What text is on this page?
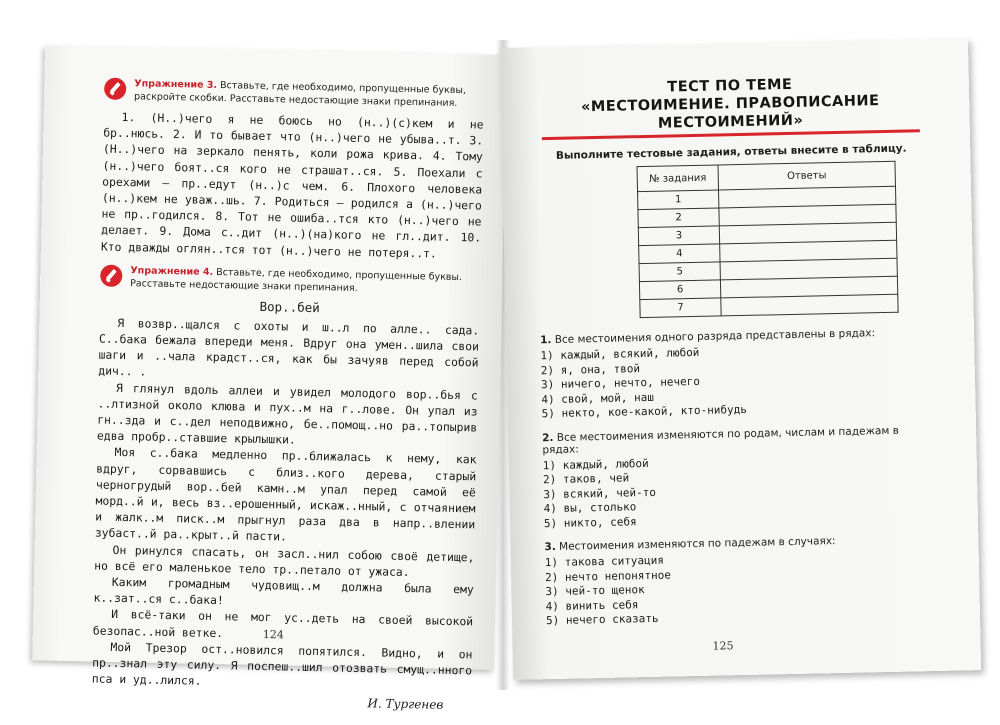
Упражнение 3. Вставьте, где необходимо, пропущенные буквы, раскройте скобки. Расставьте недостающие знаки препинания.

1. (Н..)чего я не боюсь но (н..)(с)кем и не бр..нюсь. 2. И то бывает что (н..)чего не убыва..т. 3. (Н..)чего на зеркало пенять, коли рожа крива. 4. Тому (н..)чего боят..ся кого не страшат..ся. 5. Поехали с орехами — пр..едут (н..)с чем. 6. Плохого человека (н..)кем не уваж..шь. 7. Родиться — родился а (н..)чего не пр..годился. 8. Тот не ошиба..тся кто (н..)чего не делает. 9. Дома с..дит (н..)(на)кого не гл..дит. 10. Кто дважды оглян..тся тот (н..)чего не потеря..т.

Упражнение 4. Вставьте, где необходимо, пропущенные буквы. Расставьте недостающие знаки препинания.
Вор..бей

Я возвр..щался с охоты и ш..л по алле.. сада. С..бака бежала впереди меня. Вдруг она умен..шила свои шаги и ..чала крадст..ся, как бы зачуяв перед собой дич.. .

Я глянул вдоль аллеи и увидел молодого вор..бья с ..лтизной около клюва и пух..м на г..лове. Он упал из гн..зда и с..дел неподвижно, бе..помощ..но ра..топырив едва пробр..ставшие крылышки.

Моя с..бака медленно пр..ближалась к нему, как вдруг, сорвавшись с близ..кого дерева, старый черногрудый вор..бей камн..м упал перед самой её морд..й и, весь вз..ерошенный, искаж..нный, с отчаянием и жалк..м писк..м прыгнул раза два в напр..влении зубаст..й ра..крыт..й пасти.

Он ринулся спасать, он засл..нил собою своё детище, но всё его маленькое тело тр..петало от ужаса.

Каким громадным чудовищ..м должна была ему к..зат..ся с..бака!

И всё-таки он не мог ус..деть на своей высокой безопас..ной ветке.

Мой Трезор ост..новился попятился. Видно, и он пр..знал эту силу. Я поспеш..шил отозвать смущ..нного пса и уд..лился.

И. Тургенев
124
ТЕСТ ПО ТЕМЕ
«МЕСТОИМЕНИЕ. ПРАВОПИСАНИЕ МЕСТОИМЕНИЙ»
Выполните тестовые задания, ответы внесите в таблицу.
№ задания	Ответы
1	
2	
3	
4	
5	
6	
7	
1. Все местоимения одного разряда представлены в рядах:
1) каждый, всякий, любой
2) я, она, твой
3) ничего, нечто, нечего
4) свой, мой, наш
5) некто, кое-какой, кто-нибудь
2. Все местоимения изменяются по родам, числам и падежам в рядах:
1) каждый, любой
2) таков, чей
3) всякий, чей-то
4) вы, столько
5) никто, себя
3. Местоимения изменяются по падежам в случаях:
1) такова ситуация
2) нечто непонятное
3) чей-то щенок
4) винить себя
5) нечего сказать
125
